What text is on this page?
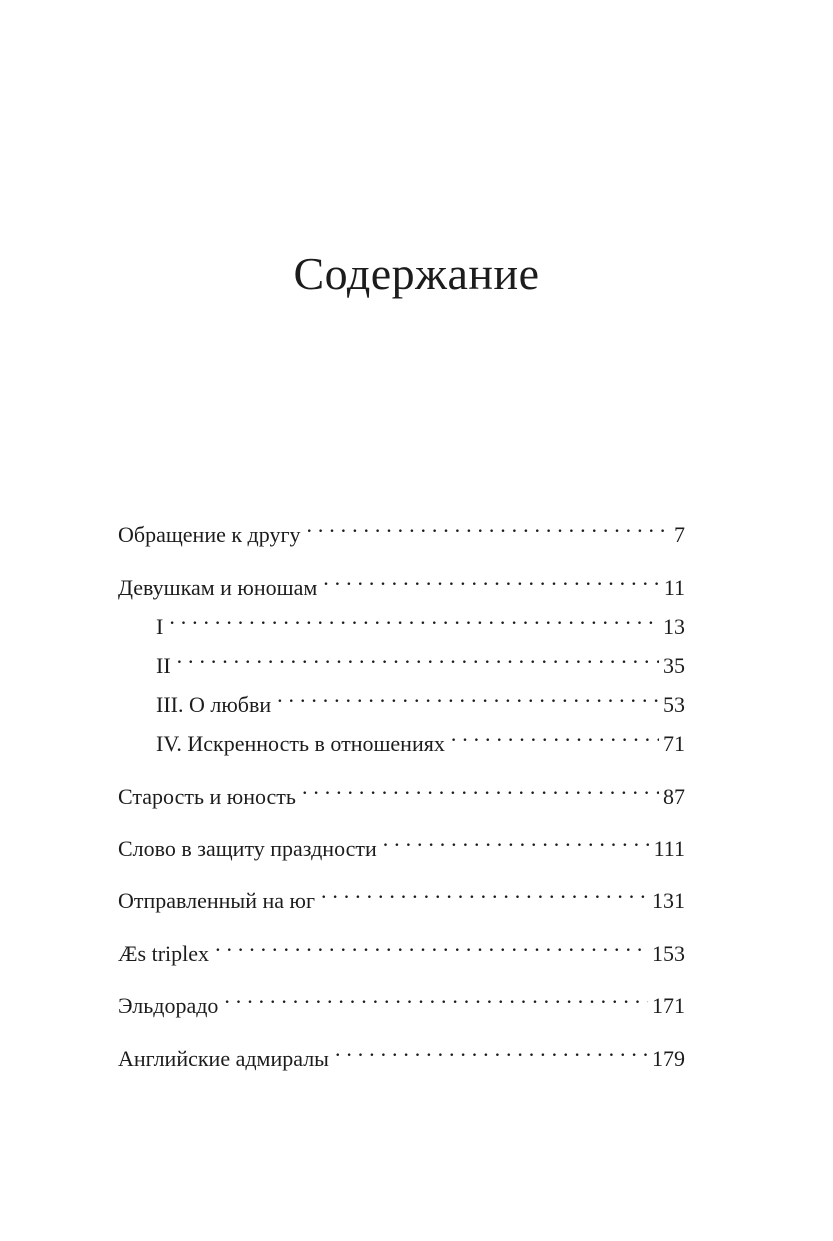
Содержание
Обращение к другу . . .	7
Девушкам и юношам . . .	11
I . . .	13
II . . .	35
III. О любви . . .	53
IV. Искренность в отношениях . . .	71
Старость и юность . . .	87
Слово в защиту праздности . . .	111
Отправленный на юг . . .	131
Æs triplex . . .	153
Эльдорадо . . .	171
Английские адмиралы . . .	179
